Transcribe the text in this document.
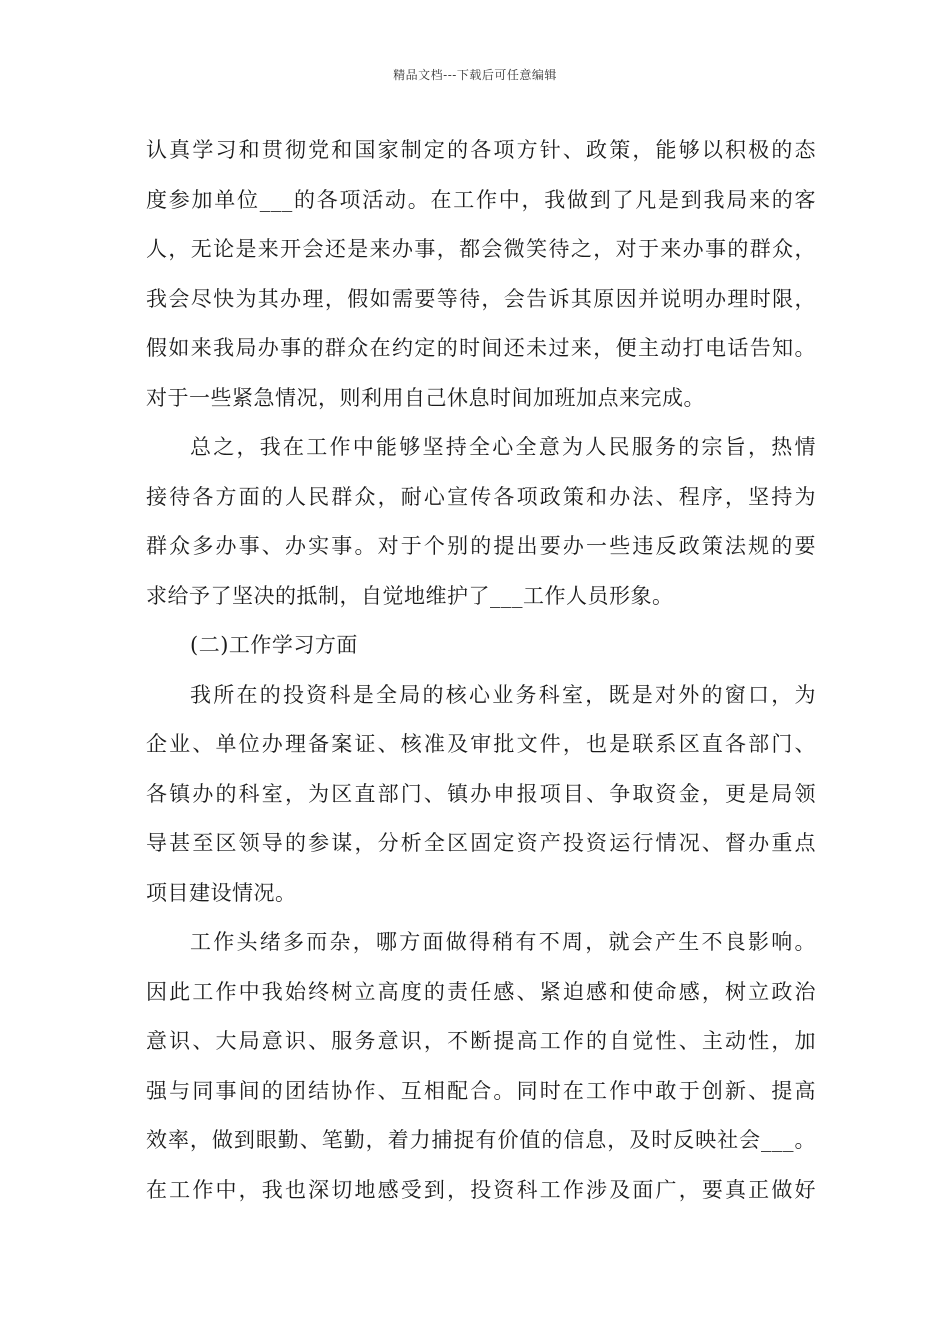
精品文档---下载后可任意编辑
认真学习和贯彻党和国家制定的各项方针、政策，能够以积极的态
度参加单位___的各项活动。在工作中，我做到了凡是到我局来的客
人，无论是来开会还是来办事，都会微笑待之，对于来办事的群众，
我会尽快为其办理，假如需要等待，会告诉其原因并说明办理时限，
假如来我局办事的群众在约定的时间还未过来，便主动打电话告知。
对于一些紧急情况，则利用自己休息时间加班加点来完成。
总之，我在工作中能够坚持全心全意为人民服务的宗旨，热情
接待各方面的人民群众，耐心宣传各项政策和办法、程序，坚持为
群众多办事、办实事。对于个别的提出要办一些违反政策法规的要
求给予了坚决的抵制，自觉地维护了___工作人员形象。
(二)工作学习方面
我所在的投资科是全局的核心业务科室，既是对外的窗口，为
企业、单位办理备案证、核准及审批文件，也是联系区直各部门、
各镇办的科室，为区直部门、镇办申报项目、争取资金，更是局领
导甚至区领导的参谋，分析全区固定资产投资运行情况、督办重点
项目建设情况。
工作头绪多而杂，哪方面做得稍有不周，就会产生不良影响。
因此工作中我始终树立高度的责任感、紧迫感和使命感，树立政治
意识、大局意识、服务意识，不断提高工作的自觉性、主动性，加
强与同事间的团结协作、互相配合。同时在工作中敢于创新、提高
效率，做到眼勤、笔勤，着力捕捉有价值的信息，及时反映社会___。
在工作中，我也深切地感受到，投资科工作涉及面广，要真正做好
